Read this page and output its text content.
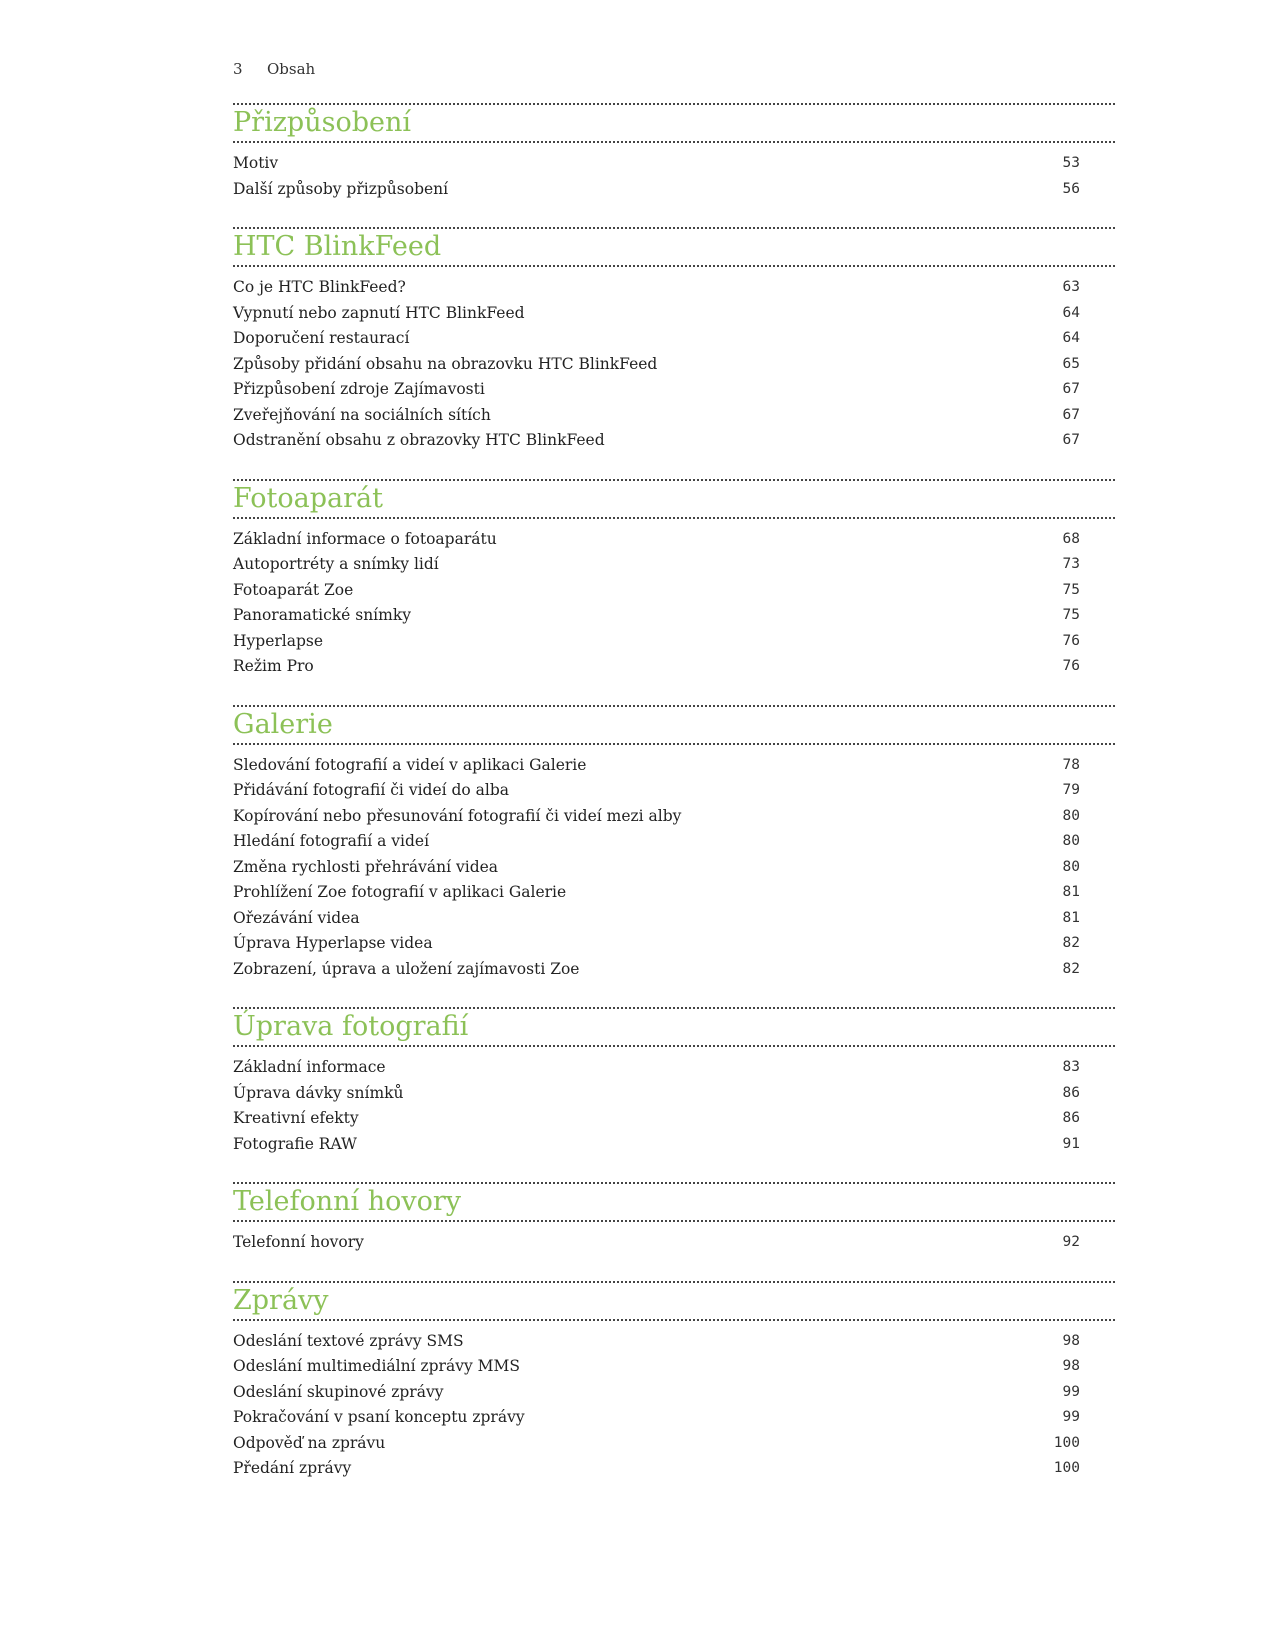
3 Obsah
Přizpůsobení
Motiv	53
Další způsoby přizpůsobení	56
HTC BlinkFeed
Co je HTC BlinkFeed?	63
Vypnutí nebo zapnutí HTC BlinkFeed	64
Doporučení restaurací	64
Způsoby přidání obsahu na obrazovku HTC BlinkFeed	65
Přizpůsobení zdroje Zajímavosti	67
Zveřejňování na sociálních sítích	67
Odstranění obsahu z obrazovky HTC BlinkFeed	67
Fotoaparát
Základní informace o fotoaparátu	68
Autoportréty a snímky lidí	73
Fotoaparát Zoe	75
Panoramatické snímky	75
Hyperlapse	76
Režim Pro	76
Galerie
Sledování fotografií a videí v aplikaci Galerie	78
Přidávání fotografií či videí do alba	79
Kopírování nebo přesunování fotografií či videí mezi alby	80
Hledání fotografií a videí	80
Změna rychlosti přehrávání videa	80
Prohlížení Zoe fotografií v aplikaci Galerie	81
Ořezávání videa	81
Úprava Hyperlapse videa	82
Zobrazení, úprava a uložení zajímavosti Zoe	82
Úprava fotografií
Základní informace	83
Úprava dávky snímků	86
Kreativní efekty	86
Fotografie RAW	91
Telefonní hovory
Telefonní hovory	92
Zprávy
Odeslání textové zprávy SMS	98
Odeslání multimediální zprávy MMS	98
Odeslání skupinové zprávy	99
Pokračování v psaní konceptu zprávy	99
Odpověď na zprávu	100
Předání zprávy	100
